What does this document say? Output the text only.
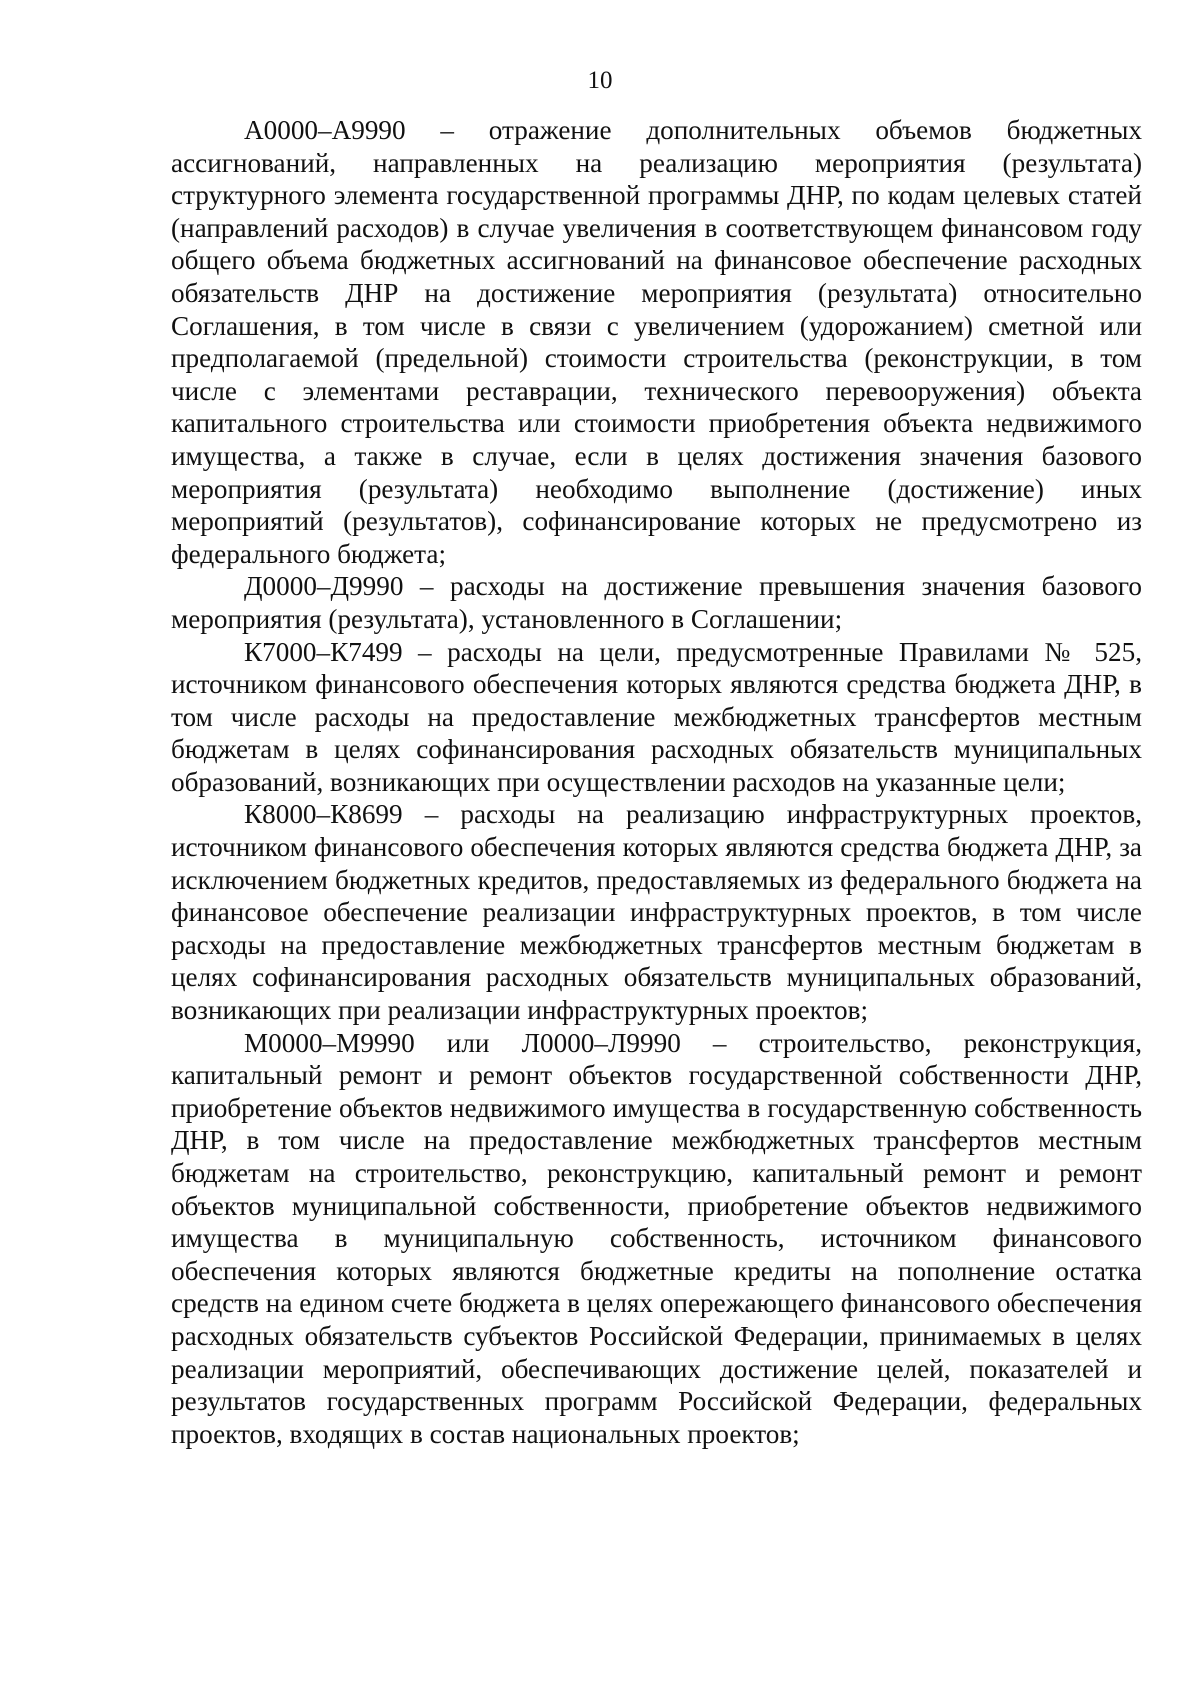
10

А0000–А9990 – отражение дополнительных объемов бюджетных ассигнований, направленных на реализацию мероприятия (результата) структурного элемента государственной программы ДНР, по кодам целевых статей (направлений расходов) в случае увеличения в соответствующем финансовом году общего объема бюджетных ассигнований на финансовое обеспечение расходных обязательств ДНР на достижение мероприятия (результата) относительно Соглашения, в том числе в связи с увеличением (удорожанием) сметной или предполагаемой (предельной) стоимости строительства (реконструкции, в том числе с элементами реставрации, технического перевооружения) объекта капитального строительства или стоимости приобретения объекта недвижимого имущества, а также в случае, если в целях достижения значения базового мероприятия (результата) необходимо выполнение (достижение) иных мероприятий (результатов), софинансирование которых не предусмотрено из федерального бюджета;

Д0000–Д9990 – расходы на достижение превышения значения базового мероприятия (результата), установленного в Соглашении;

К7000–К7499 – расходы на цели, предусмотренные Правилами № 525, источником финансового обеспечения которых являются средства бюджета ДНР, в том числе расходы на предоставление межбюджетных трансфертов местным бюджетам в целях софинансирования расходных обязательств муниципальных образований, возникающих при осуществлении расходов на указанные цели;

К8000–К8699 – расходы на реализацию инфраструктурных проектов, источником финансового обеспечения которых являются средства бюджета ДНР, за исключением бюджетных кредитов, предоставляемых из федерального бюджета на финансовое обеспечение реализации инфраструктурных проектов, в том числе расходы на предоставление межбюджетных трансфертов местным бюджетам в целях софинансирования расходных обязательств муниципальных образований, возникающих при реализации инфраструктурных проектов;

М0000–М9990 или Л0000–Л9990 – строительство, реконструкция, капитальный ремонт и ремонт объектов государственной собственности ДНР, приобретение объектов недвижимого имущества в государственную собственность ДНР, в том числе на предоставление межбюджетных трансфертов местным бюджетам на строительство, реконструкцию, капитальный ремонт и ремонт объектов муниципальной собственности, приобретение объектов недвижимого имущества в муниципальную собственность, источником финансового обеспечения которых являются бюджетные кредиты на пополнение остатка средств на едином счете бюджета в целях опережающего финансового обеспечения расходных обязательств субъектов Российской Федерации, принимаемых в целях реализации мероприятий, обеспечивающих достижение целей, показателей и результатов государственных программ Российской Федерации, федеральных проектов, входящих в состав национальных проектов;
